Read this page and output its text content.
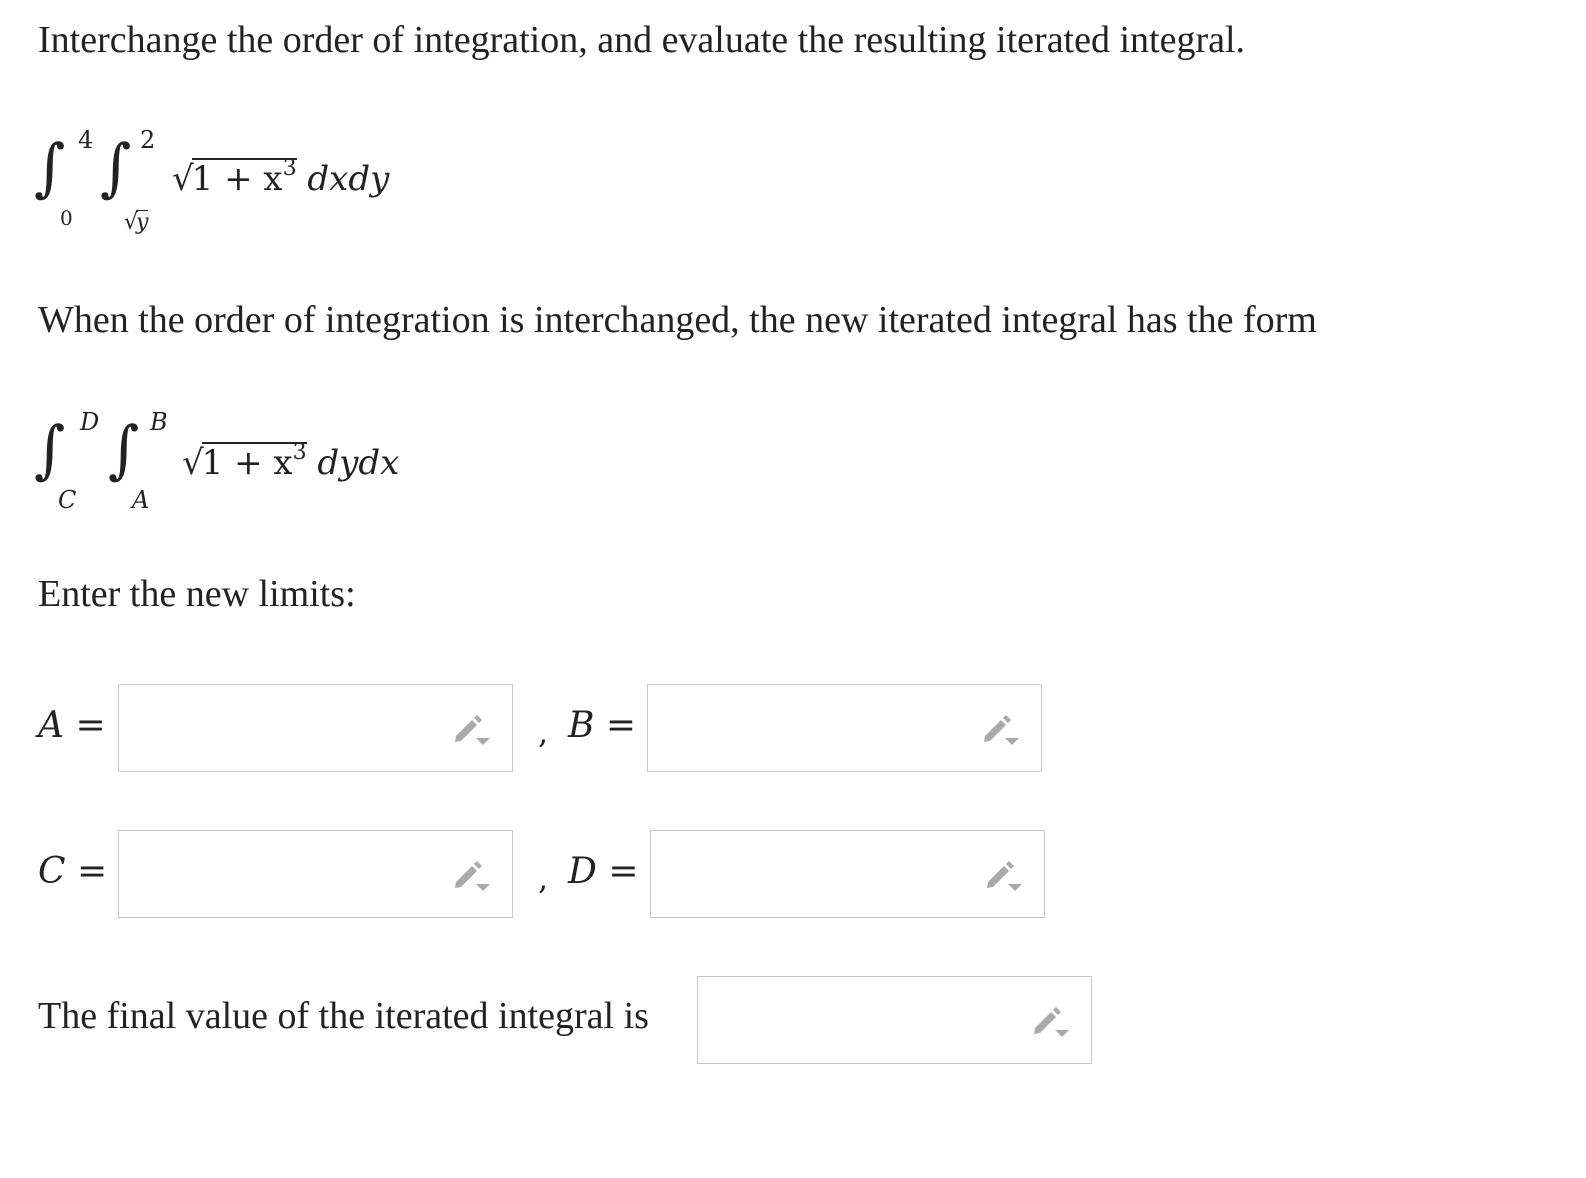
Interchange the order of integration, and evaluate the resulting iterated integral.
∫ 4
0
∫ 2
√y
$√1 + x^3$ dxdy
When the order of integration is interchanged, the new iterated integral has the form
∫ D
C
∫ B
A
$√1 + x^3$ dydx
Enter the new limits:
A =	, B =
C =	, D =
The final value of the iterated integral is
